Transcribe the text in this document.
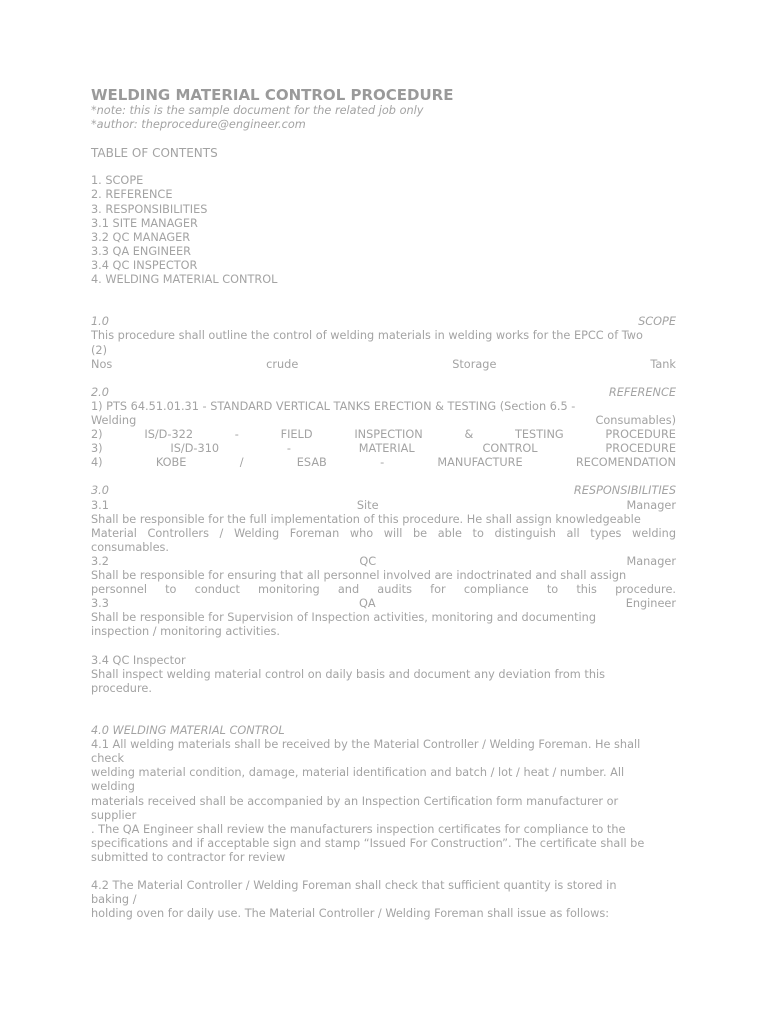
WELDING MATERIAL CONTROL PROCEDURE
*note: this is the sample document for the related job only
*author: theprocedure@engineer.com
TABLE OF CONTENTS
1. SCOPE
2. REFERENCE
3. RESPONSIBILITIES
3.1 SITE MANAGER
3.2 QC MANAGER
3.3 QA ENGINEER
3.4 QC INSPECTOR
4. WELDING MATERIAL CONTROL
1.0	SCOPE
This procedure shall outline the control of welding materials in welding works for the EPCC of Two
(2)
Nos	crude	Storage	Tank
2.0	REFERENCE
1) PTS 64.51.01.31 - STANDARD VERTICAL TANKS ERECTION & TESTING (Section 6.5 -
Welding	Consumables)
2)	IS/D-322	-	FIELD	INSPECTION	&	TESTING	PROCEDURE
3)	IS/D-310	-	MATERIAL	CONTROL	PROCEDURE
4)	KOBE	/	ESAB	-	MANUFACTURE	RECOMENDATION
3.0	RESPONSIBILITIES
3.1	Site	Manager
Shall be responsible for the full implementation of this procedure. He shall assign knowledgeable
Material Controllers / Welding Foreman who will be able to distinguish all types welding
consumables.
3.2	QC	Manager
Shall be responsible for ensuring that all personnel involved are indoctrinated and shall assign
personnel to conduct monitoring and audits for compliance to this procedure.
3.3	QA	Engineer
Shall be responsible for Supervision of Inspection activities, monitoring and documenting
inspection / monitoring activities.
3.4 QC Inspector
Shall inspect welding material control on daily basis and document any deviation from this
procedure.
4.0 WELDING MATERIAL CONTROL
4.1 All welding materials shall be received by the Material Controller / Welding Foreman. He shall
check
welding material condition, damage, material identification and batch / lot / heat / number. All
welding
materials received shall be accompanied by an Inspection Certification form manufacturer or
supplier
. The QA Engineer shall review the manufacturers inspection certificates for compliance to the
specifications and if acceptable sign and stamp “Issued For Construction”. The certificate shall be
submitted to contractor for review
4.2 The Material Controller / Welding Foreman shall check that sufficient quantity is stored in
baking /
holding oven for daily use. The Material Controller / Welding Foreman shall issue as follows:
